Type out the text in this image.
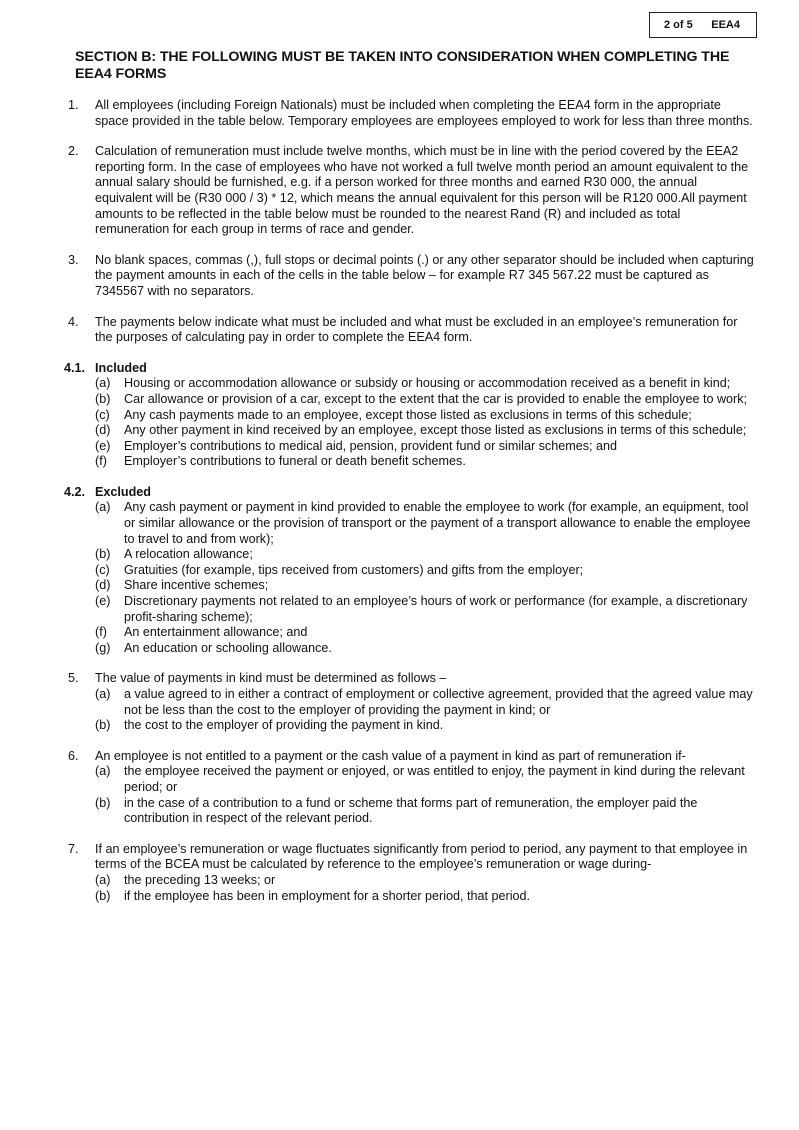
2 of 5 EEA4
SECTION B: THE FOLLOWING MUST BE TAKEN INTO CONSIDERATION WHEN COMPLETING THE EEA4 FORMS
1. All employees (including Foreign Nationals) must be included when completing the EEA4 form in the appropriate space provided in the table below. Temporary employees are employees employed to work for less than three months.
2. Calculation of remuneration must include twelve months, which must be in line with the period covered by the EEA2 reporting form. In the case of employees who have not worked a full twelve month period an amount equivalent to the annual salary should be furnished, e.g. if a person worked for three months and earned R30 000, the annual equivalent will be (R30 000 / 3) * 12, which means the annual equivalent for this person will be R120 000.All payment amounts to be reflected in the table below must be rounded to the nearest Rand (R) and included as total remuneration for each group in terms of race and gender.
3. No blank spaces, commas (,), full stops or decimal points (.) or any other separator should be included when capturing the payment amounts in each of the cells in the table below – for example R7 345 567.22 must be captured as 7345567 with no separators.
4. The payments below indicate what must be included and what must be excluded in an employee’s remuneration for the purposes of calculating pay in order to complete the EEA4 form.
4.1. Included
(a) Housing or accommodation allowance or subsidy or housing or accommodation received as a benefit in kind;
(b) Car allowance or provision of a car, except to the extent that the car is provided to enable the employee to work;
(c) Any cash payments made to an employee, except those listed as exclusions in terms of this schedule;
(d) Any other payment in kind received by an employee, except those listed as exclusions in terms of this schedule;
(e) Employer’s contributions to medical aid, pension, provident fund or similar schemes; and
(f) Employer’s contributions to funeral or death benefit schemes.
4.2. Excluded
(a) Any cash payment or payment in kind provided to enable the employee to work (for example, an equipment, tool or similar allowance or the provision of transport or the payment of a transport allowance to enable the employee to travel to and from work);
(b) A relocation allowance;
(c) Gratuities (for example, tips received from customers) and gifts from the employer;
(d) Share incentive schemes;
(e) Discretionary payments not related to an employee’s hours of work or performance (for example, a discretionary profit-sharing scheme);
(f) An entertainment allowance; and
(g) An education or schooling allowance.
5. The value of payments in kind must be determined as follows –
(a) a value agreed to in either a contract of employment or collective agreement, provided that the agreed value may not be less than the cost to the employer of providing the payment in kind; or
(b) the cost to the employer of providing the payment in kind.
6. An employee is not entitled to a payment or the cash value of a payment in kind as part of remuneration if-
(a) the employee received the payment or enjoyed, or was entitled to enjoy, the payment in kind during the relevant period; or
(b) in the case of a contribution to a fund or scheme that forms part of remuneration, the employer paid the contribution in respect of the relevant period.
7. If an employee’s remuneration or wage fluctuates significantly from period to period, any payment to that employee in terms of the BCEA must be calculated by reference to the employee’s remuneration or wage during-
(a) the preceding 13 weeks; or
(b) if the employee has been in employment for a shorter period, that period.
